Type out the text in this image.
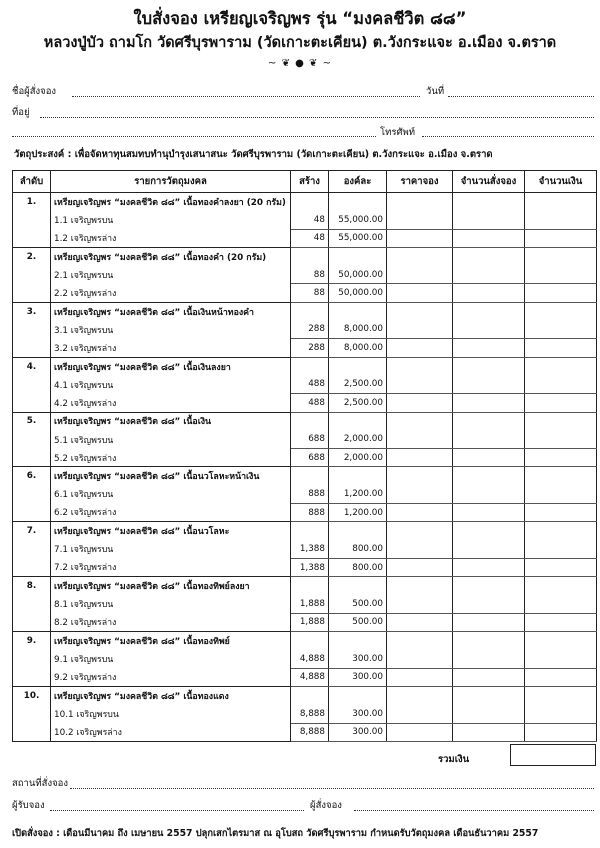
ใบสั่งจอง เหรียญเจริญพร รุ่น “มงคลชีวิต ๘๘”
หลวงปู่บัว ถามโก วัดศรีบุรพาราม (วัดเกาะตะเคียน) ต.วังกระแจะ อ.เมือง จ.ตราด
~ ❦ ● ❦ ~
ชื่อผู้สั่งจอง	วันที่
ที่อยู่
โทรศัพท์
วัตถุประสงค์ : เพื่อจัดหาทุนสมทบทำนุบำรุงเสนาสนะ วัดศรีบุรพาราม (วัดเกาะตะเคียน) ต.วังกระแจะ อ.เมือง จ.ตราด
ลำดับ	รายการวัตถุมงคล	สร้าง	องค์ละ	ราคาจอง	จำนวนสั่งจอง	จำนวนเงิน
1.	เหรียญเจริญพร “มงคลชีวิต ๘๘” เนื้อทองคำลงยา (20 กรัม)					
	1.1 เจริญพรบน	48	55,000.00			
	1.2 เจริญพรล่าง	48	55,000.00			
2.	เหรียญเจริญพร “มงคลชีวิต ๘๘” เนื้อทองคำ (20 กรัม)					
	2.1 เจริญพรบน	88	50,000.00			
	2.2 เจริญพรล่าง	88	50,000.00			
3.	เหรียญเจริญพร “มงคลชีวิต ๘๘” เนื้อเงินหน้าทองคำ					
	3.1 เจริญพรบน	288	8,000.00			
	3.2 เจริญพรล่าง	288	8,000.00			
4.	เหรียญเจริญพร “มงคลชีวิต ๘๘” เนื้อเงินลงยา					
	4.1 เจริญพรบน	488	2,500.00			
	4.2 เจริญพรล่าง	488	2,500.00			
5.	เหรียญเจริญพร “มงคลชีวิต ๘๘” เนื้อเงิน					
	5.1 เจริญพรบน	688	2,000.00			
	5.2 เจริญพรล่าง	688	2,000.00			
6.	เหรียญเจริญพร “มงคลชีวิต ๘๘” เนื้อนวโลหะหน้าเงิน					
	6.1 เจริญพรบน	888	1,200.00			
	6.2 เจริญพรล่าง	888	1,200.00			
7.	เหรียญเจริญพร “มงคลชีวิต ๘๘” เนื้อนวโลหะ					
	7.1 เจริญพรบน	1,388	800.00			
	7.2 เจริญพรล่าง	1,388	800.00			
8.	เหรียญเจริญพร “มงคลชีวิต ๘๘” เนื้อทองทิพย์ลงยา					
	8.1 เจริญพรบน	1,888	500.00			
	8.2 เจริญพรล่าง	1,888	500.00			
9.	เหรียญเจริญพร “มงคลชีวิต ๘๘” เนื้อทองทิพย์					
	9.1 เจริญพรบน	4,888	300.00			
	9.2 เจริญพรล่าง	4,888	300.00			
10.	เหรียญเจริญพร “มงคลชีวิต ๘๘” เนื้อทองแดง					
	10.1 เจริญพรบน	8,888	300.00			
	10.2 เจริญพรล่าง	8,888	300.00			
รวมเงิน
สถานที่สั่งจอง
ผู้รับจอง	ผู้สั่งจอง
เปิดสั่งจอง : เดือนมีนาคม ถึง เมษายน 2557 ปลุกเสกไตรมาส ณ อุโบสถ วัดศรีบุรพาราม กำหนดรับวัตถุมงคล เดือนธันวาคม 2557
